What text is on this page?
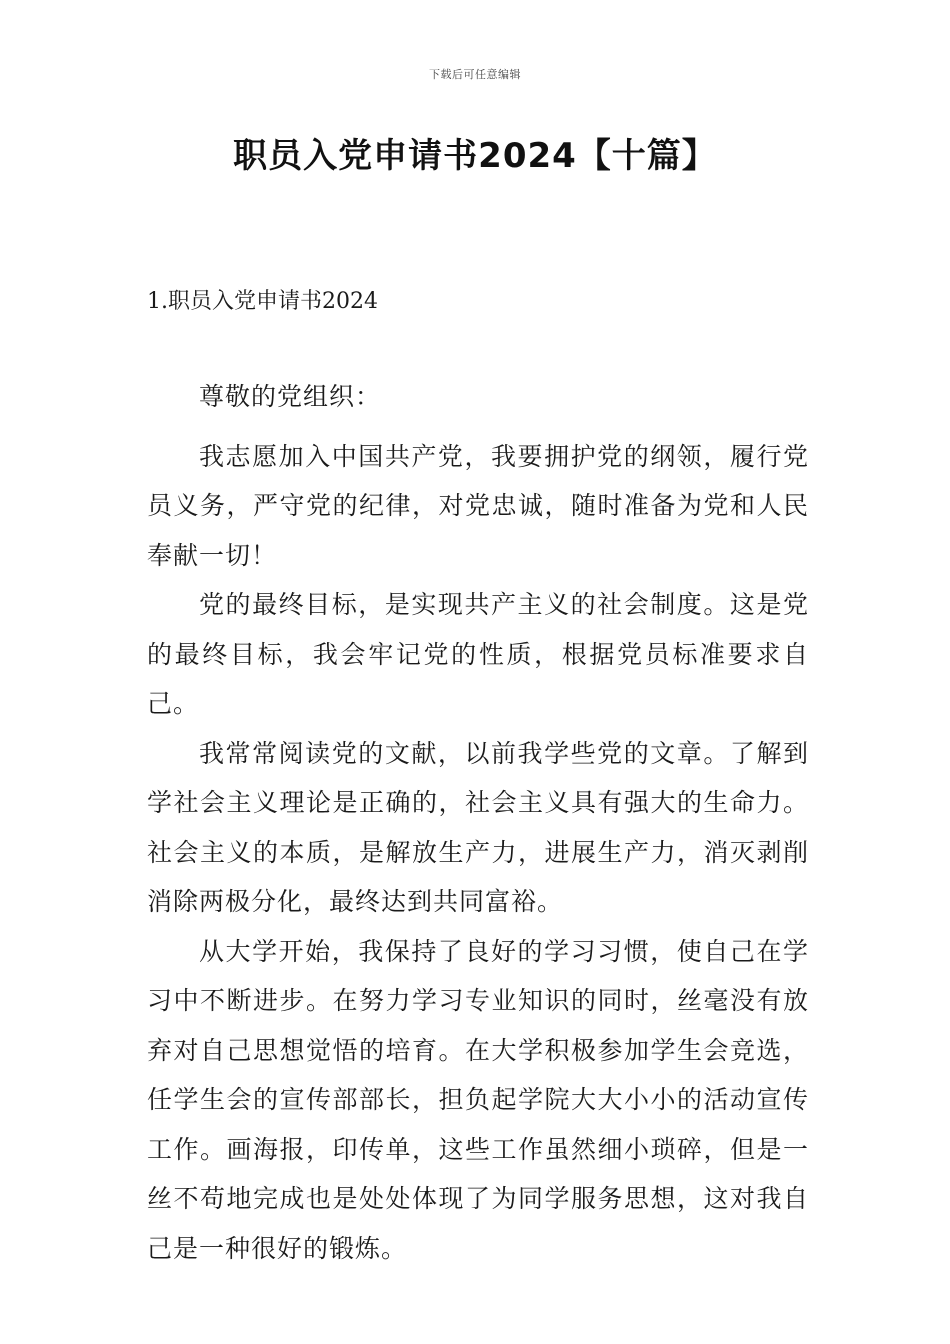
下载后可任意编辑
职员入党申请书2024【十篇】
1.职员入党申请书2024

尊敬的党组织：

我志愿加入中国共产党，我要拥护党的纲领，履行党员义务，严守党的纪律，对党忠诚，随时准备为党和人民奉献一切！

党的最终目标，是实现共产主义的社会制度。这是党的最终目标，我会牢记党的性质，根据党员标准要求自己。

我常常阅读党的文献，以前我学些党的文章。了解到学社会主义理论是正确的，社会主义具有强大的生命力。社会主义的本质，是解放生产力，进展生产力，消灭剥削消除两极分化，最终达到共同富裕。

从大学开始，我保持了良好的学习习惯，使自己在学习中不断进步。在努力学习专业知识的同时，丝毫没有放弃对自己思想觉悟的培育。在大学积极参加学生会竞选，任学生会的宣传部部长，担负起学院大大小小的活动宣传工作。画海报，印传单，这些工作虽然细小琐碎，但是一丝不苟地完成也是处处体现了为同学服务思想，这对我自己是一种很好的锻炼。
